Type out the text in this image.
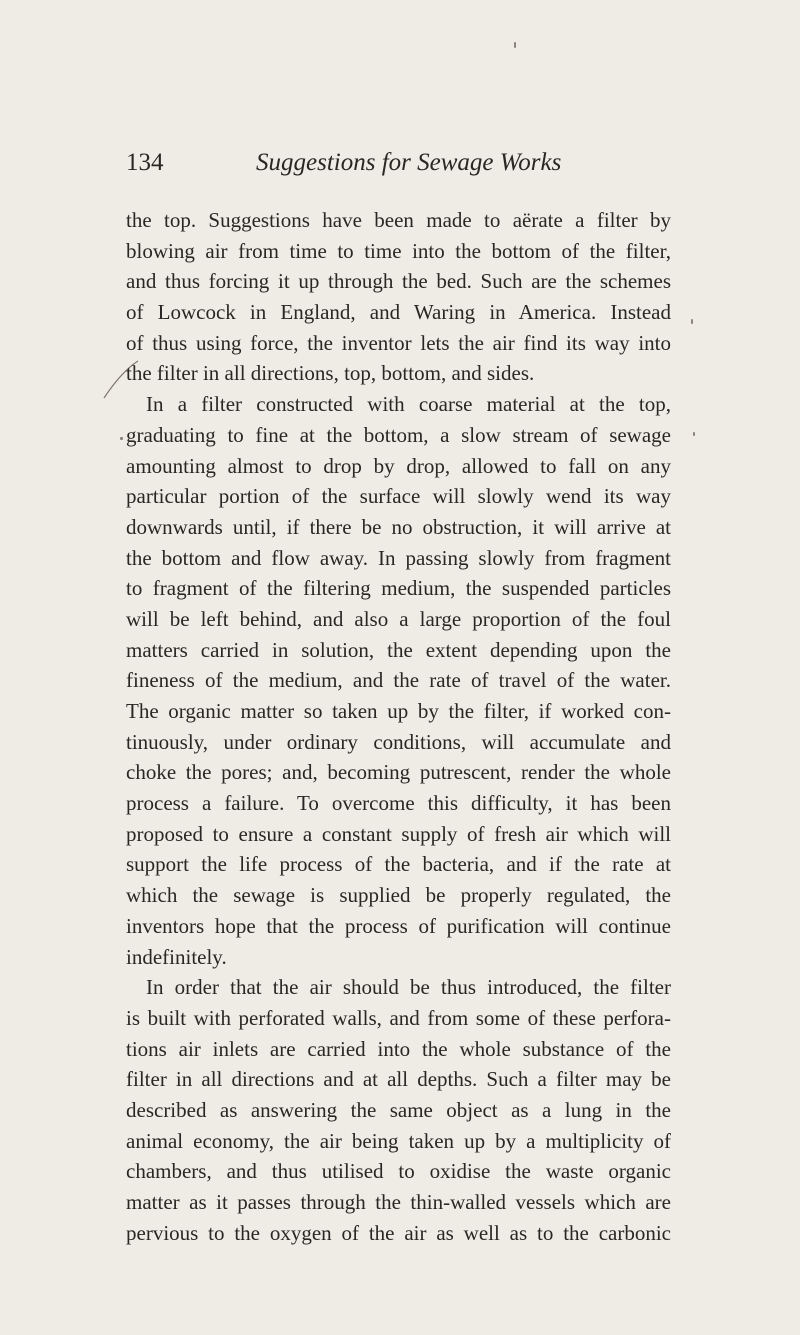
134	Suggestions for Sewage Works
the top. Suggestions have been made to aërate a filter by
blowing air from time to time into the bottom of the filter,
and thus forcing it up through the bed. Such are the schemes
of Lowcock in England, and Waring in America. Instead
of thus using force, the inventor lets the air find its way into
the filter in all directions, top, bottom, and sides.
In a filter constructed with coarse material at the top,
graduating to fine at the bottom, a slow stream of sewage
amounting almost to drop by drop, allowed to fall on any
particular portion of the surface will slowly wend its way
downwards until, if there be no obstruction, it will arrive at
the bottom and flow away. In passing slowly from fragment
to fragment of the filtering medium, the suspended particles
will be left behind, and also a large proportion of the foul
matters carried in solution, the extent depending upon the
fineness of the medium, and the rate of travel of the water.
The organic matter so taken up by the filter, if worked con-
tinuously, under ordinary conditions, will accumulate and
choke the pores; and, becoming putrescent, render the whole
process a failure. To overcome this difficulty, it has been
proposed to ensure a constant supply of fresh air which will
support the life process of the bacteria, and if the rate at
which the sewage is supplied be properly regulated, the
inventors hope that the process of purification will continue
indefinitely.
In order that the air should be thus introduced, the filter
is built with perforated walls, and from some of these perfora-
tions air inlets are carried into the whole substance of the
filter in all directions and at all depths. Such a filter may be
described as answering the same object as a lung in the
animal economy, the air being taken up by a multiplicity of
chambers, and thus utilised to oxidise the waste organic
matter as it passes through the thin-walled vessels which are
pervious to the oxygen of the air as well as to the carbonic
